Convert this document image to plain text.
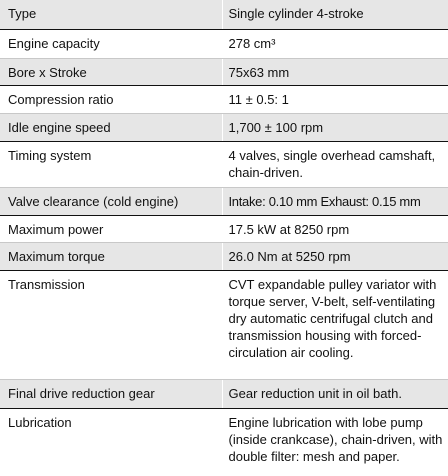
Type	Single cylinder 4-stroke
Engine capacity	278 cm³
Bore x Stroke	75x63 mm
Compression ratio	11 ± 0.5: 1
Idle engine speed	1,700 ± 100 rpm
Timing system	4 valves, single overhead camshaft, chain-driven.
Valve clearance (cold engine)	Intake: 0.10 mm Exhaust: 0.15 mm
Maximum power	17.5 kW at 8250 rpm
Maximum torque	26.0 Nm at 5250 rpm
Transmission	CVT expandable pulley variator with torque server, V-belt, self-ventilating dry automatic centrifugal clutch and transmission housing with forced-circulation air cooling.
Final drive reduction gear	Gear reduction unit in oil bath.
Lubrication	Engine lubrication with lobe pump (inside crankcase), chain-driven, with double filter: mesh and paper.
